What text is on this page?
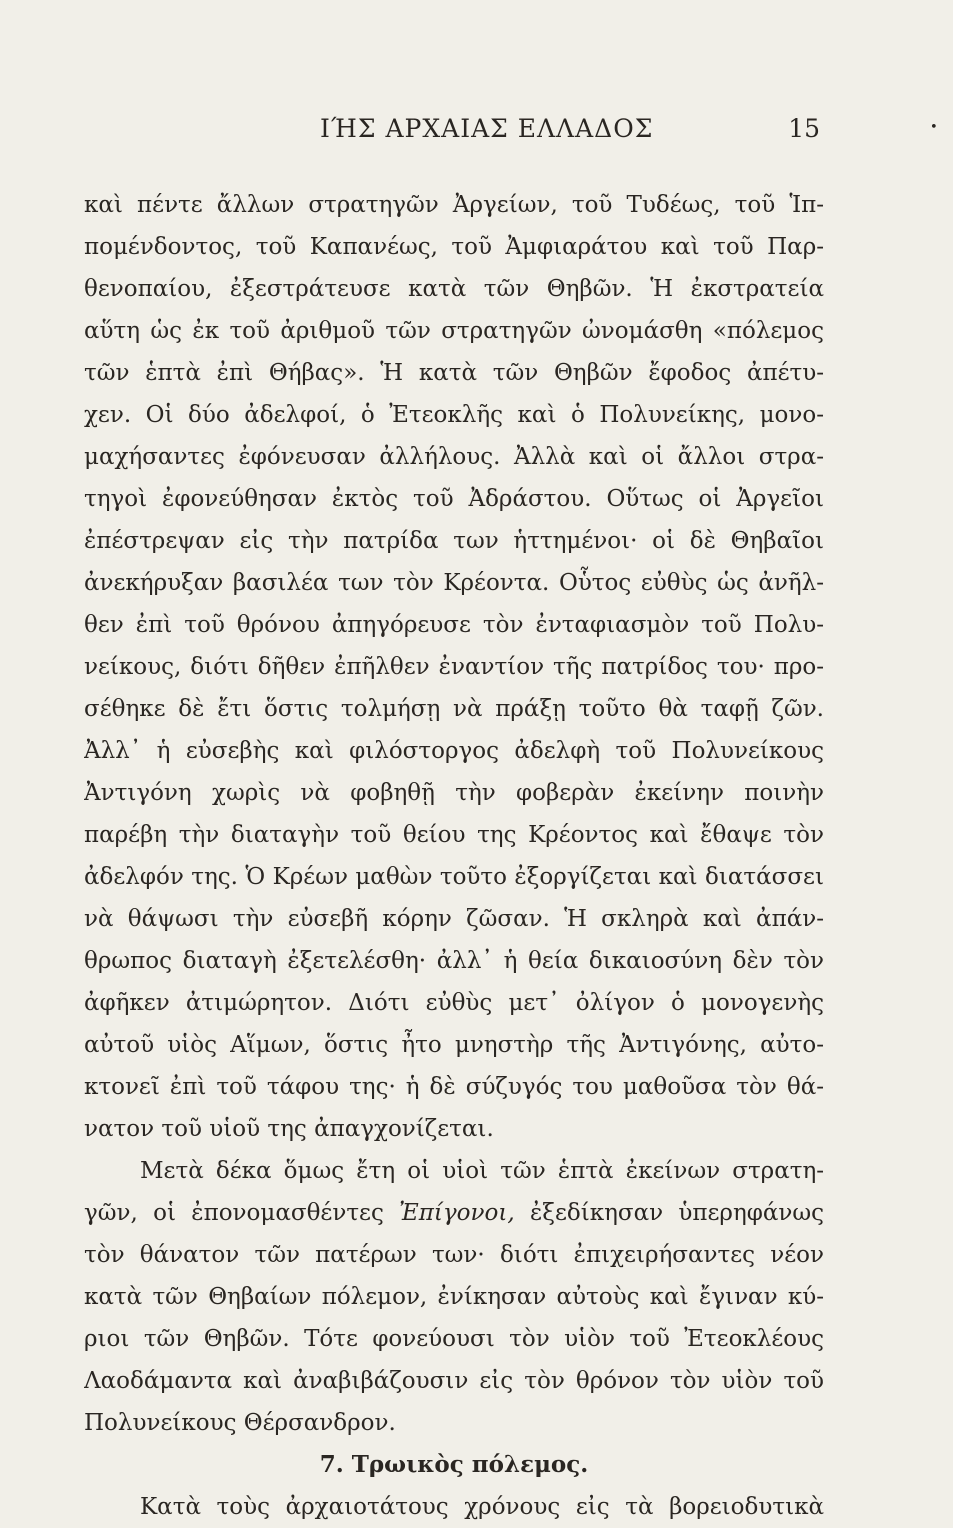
ΙΉΣ ΑΡΧΑΙΑΣ ΕΛΛΑΔΟΣ	15	•
καὶ πέντε ἄλλων στρατηγῶν Ἀργείων, τοῦ Τυδέως, τοῦ Ἱπ-
πομένδοντος, τοῦ Καπανέως, τοῦ Ἀμφιαράτου καὶ τοῦ Παρ-
θενοπαίου, ἐξεστράτευσε κατὰ τῶν Θηβῶν. Ἡ ἐκστρατεία
αὕτη ὡς ἐκ τοῦ ἀριθμοῦ τῶν στρατηγῶν ὠνομάσθη «πόλεμος
τῶν ἑπτὰ ἐπὶ Θήβας». Ἡ κατὰ τῶν Θηβῶν ἔφοδος ἀπέτυ-
χεν. Οἱ δύο ἀδελφοί, ὁ Ἐτεοκλῆς καὶ ὁ Πολυνείκης, μονο-
μαχήσαντες ἐφόνευσαν ἀλλήλους. Ἀλλὰ καὶ οἱ ἄλλοι στρα-
τηγοὶ ἐφονεύθησαν ἐκτὸς τοῦ Ἀδράστου. Οὕτως οἱ Ἀργεῖοι
ἐπέστρεψαν εἰς τὴν πατρίδα των ἡττημένοι· οἱ δὲ Θηβαῖοι
ἀνεκήρυξαν βασιλέα των τὸν Κρέοντα. Οὗτος εὐθὺς ὡς ἀνῆλ-
θεν ἐπὶ τοῦ θρόνου ἀπηγόρευσε τὸν ἐνταφιασμὸν τοῦ Πολυ-
νείκους, διότι δῆθεν ἐπῆλθεν ἐναντίον τῆς πατρίδος του· προ-
σέθηκε δὲ ἔτι ὅστις τολμήσῃ νὰ πράξῃ τοῦτο θὰ ταφῇ ζῶν.
Ἀλλ᾽ ἡ εὐσεβὴς καὶ φιλόστοργος ἀδελφὴ τοῦ Πολυνείκους
Ἀντιγόνη χωρὶς νὰ φοβηθῇ τὴν φοβερὰν ἐκείνην ποινὴν
παρέβη τὴν διαταγὴν τοῦ θείου της Κρέοντος καὶ ἔθαψε τὸν
ἀδελφόν της. Ὁ Κρέων μαθὼν τοῦτο ἐξοργίζεται καὶ διατάσσει
νὰ θάψωσι τὴν εὐσεβῆ κόρην ζῶσαν. Ἡ σκληρὰ καὶ ἀπάν-
θρωπος διαταγὴ ἐξετελέσθη· ἀλλ᾽ ἡ θεία δικαιοσύνη δὲν τὸν
ἀφῆκεν ἀτιμώρητον. Διότι εὐθὺς μετ᾽ ὀλίγον ὁ μονογενὴς
αὐτοῦ υἱὸς Αἵμων, ὅστις ἦτο μνηστὴρ τῆς Ἀντιγόνης, αὐτο-
κτονεῖ ἐπὶ τοῦ τάφου της· ἡ δὲ σύζυγός του μαθοῦσα τὸν θά-
νατον τοῦ υἱοῦ της ἀπαγχονίζεται.
Μετὰ δέκα ὅμως ἔτη οἱ υἱοὶ τῶν ἑπτὰ ἐκείνων στρατη-
γῶν, οἱ ἐπονομασθέντες Ἐπίγονοι, ἐξεδίκησαν ὑπερηφάνως
τὸν θάνατον τῶν πατέρων των· διότι ἐπιχειρήσαντες νέον
κατὰ τῶν Θηβαίων πόλεμον, ἐνίκησαν αὐτοὺς καὶ ἔγιναν κύ-
ριοι τῶν Θηβῶν. Τότε φονεύουσι τὸν υἱὸν τοῦ Ἐτεοκλέους
Λαοδάμαντα καὶ ἀναβιβάζουσιν εἰς τὸν θρόνον τὸν υἱὸν τοῦ
Πολυνείκους Θέρσανδρον.
7. Τρωικὸς πόλεμος.
Κατὰ τοὺς ἀρχαιοτάτους χρόνους εἰς τὰ βορειοδυτικὰ
